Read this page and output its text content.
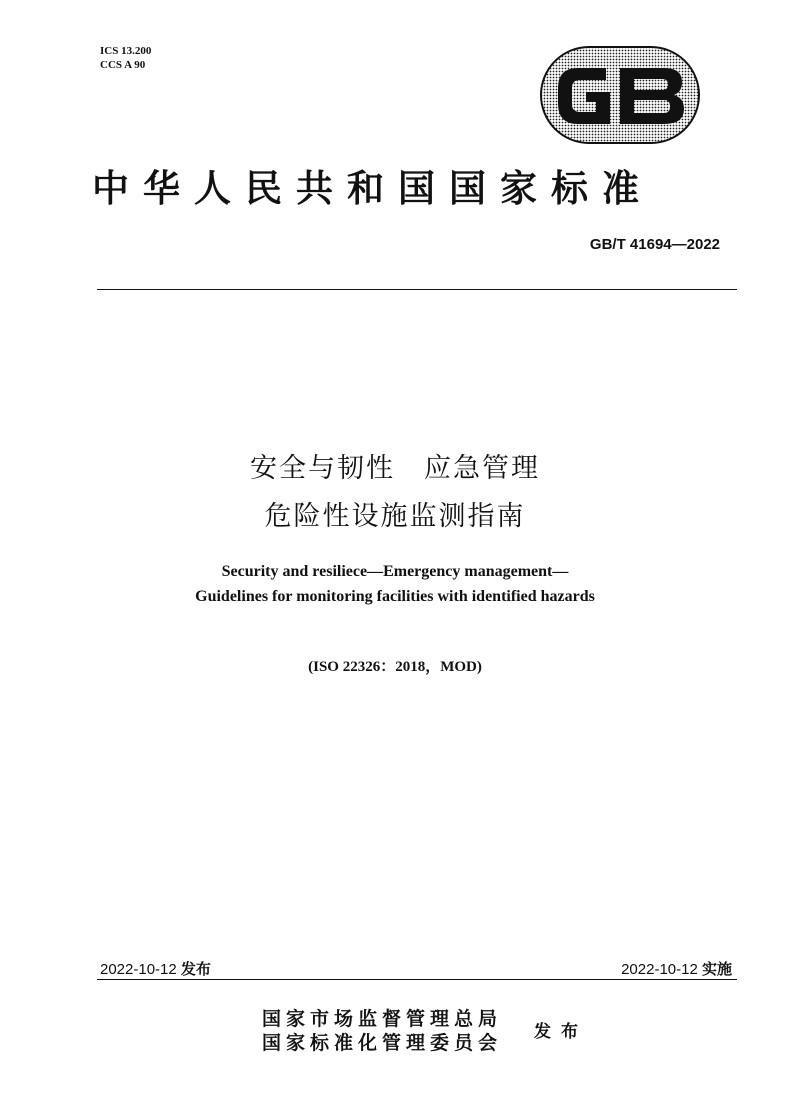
ICS 13.200
CCS A 90
中华人民共和国国家标准
GB/T 41694—2022
安全与韧性　应急管理
危险性设施监测指南
Security and resiliece—Emergency management—
Guidelines for monitoring facilities with identified hazards
(ISO 22326：2018，MOD)
2022-10-12 发布	2022-10-12 实施
国家市场监督管理总局
国家标准化管理委员会 发布
